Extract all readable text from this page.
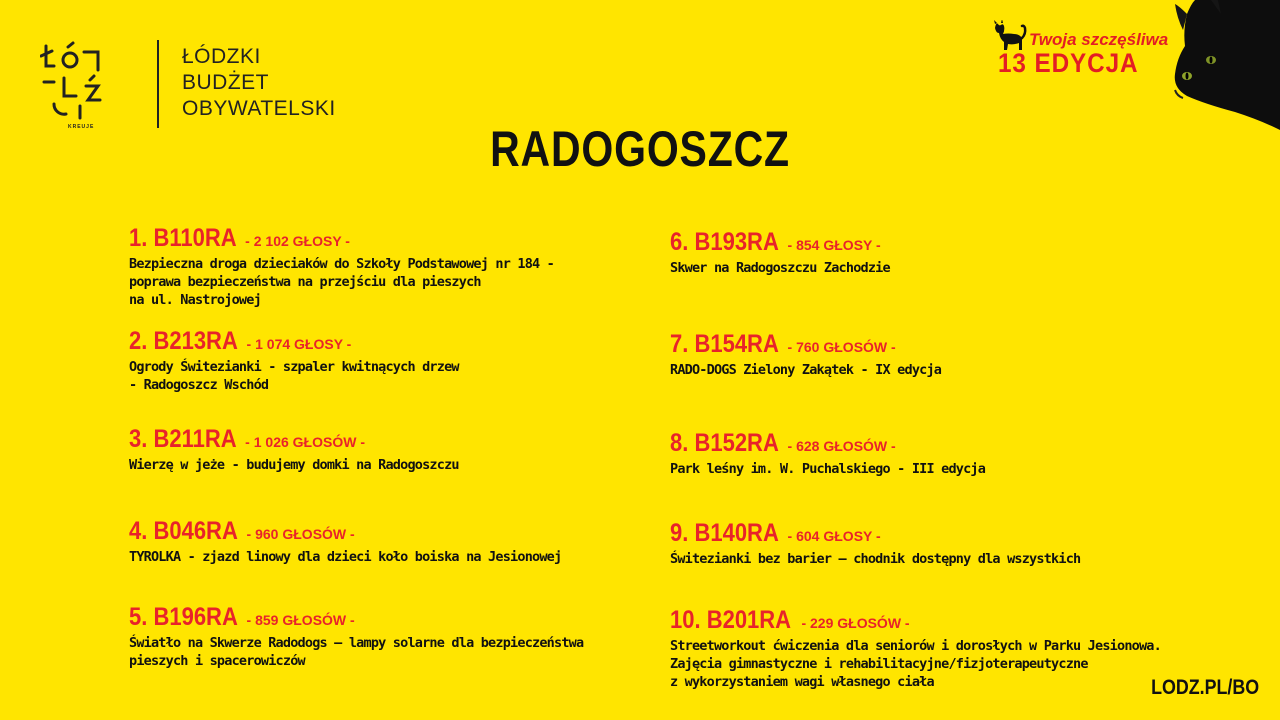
KREUJE
ŁÓDZKI
BUDŻET
OBYWATELSKI
RADOGOSZCZ
Twoja szczęśliwa
13 EDYCJA
1. B110RA - 2 102 GŁOSY -
Bezpieczna droga dzieciaków do Szkoły Podstawowej nr 184 -
poprawa bezpieczeństwa na przejściu dla pieszych
na ul. Nastrojowej
2. B213RA - 1 074 GŁOSY -
Ogrody Świtezianki - szpaler kwitnących drzew
- Radogoszcz Wschód
3. B211RA - 1 026 GŁOSÓW -
Wierzę w jeże - budujemy domki na Radogoszczu
4. B046RA - 960 GŁOSÓW -
TYROLKA - zjazd linowy dla dzieci koło boiska na Jesionowej
5. B196RA - 859 GŁOSÓW -
Światło na Skwerze Radodogs – lampy solarne dla bezpieczeństwa
pieszych i spacerowiczów
6. B193RA - 854 GŁOSY -
Skwer na Radogoszczu Zachodzie
7. B154RA - 760 GŁOSÓW -
RADO-DOGS Zielony Zakątek - IX edycja
8. B152RA - 628 GŁOSÓW -
Park leśny im. W. Puchalskiego - III edycja
9. B140RA - 604 GŁOSY -
Świtezianki bez barier – chodnik dostępny dla wszystkich
10. B201RA - 229 GŁOSÓW -
Streetworkout ćwiczenia dla seniorów i dorosłych w Parku Jesionowa.
Zajęcia gimnastyczne i rehabilitacyjne/fizjoterapeutyczne
z wykorzystaniem wagi własnego ciała	LODZ.PL/BO
